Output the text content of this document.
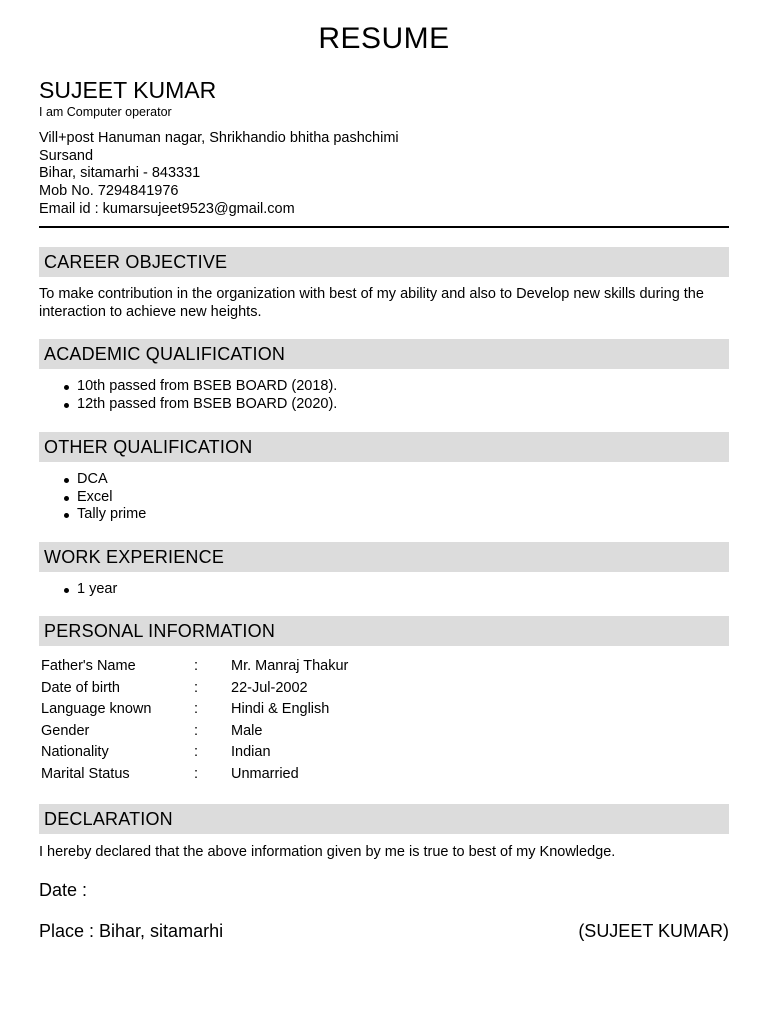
RESUME
SUJEET KUMAR
I am Computer operator
Vill+post Hanuman nagar, Shrikhandio bhitha pashchimi
Sursand
Bihar, sitamarhi - 843331
Mob No. 7294841976
Email id : kumarsujeet9523@gmail.com
CAREER OBJECTIVE
To make contribution in the organization with best of my ability and also to Develop new skills during the interaction to achieve new heights.
ACADEMIC QUALIFICATION
10th passed from BSEB BOARD (2018).
12th passed from BSEB BOARD (2020).
OTHER QUALIFICATION
DCA
Excel
Tally prime
WORK EXPERIENCE
1 year
PERSONAL INFORMATION
Father's Name	:	Mr. Manraj Thakur
Date of birth	:	22-Jul-2002
Language known	:	Hindi & English
Gender	:	Male
Nationality	:	Indian
Marital Status	:	Unmarried
DECLARATION
I hereby declared that the above information given by me is true to best of my Knowledge.
Date :
Place : Bihar, sitamarhi	(SUJEET KUMAR)
